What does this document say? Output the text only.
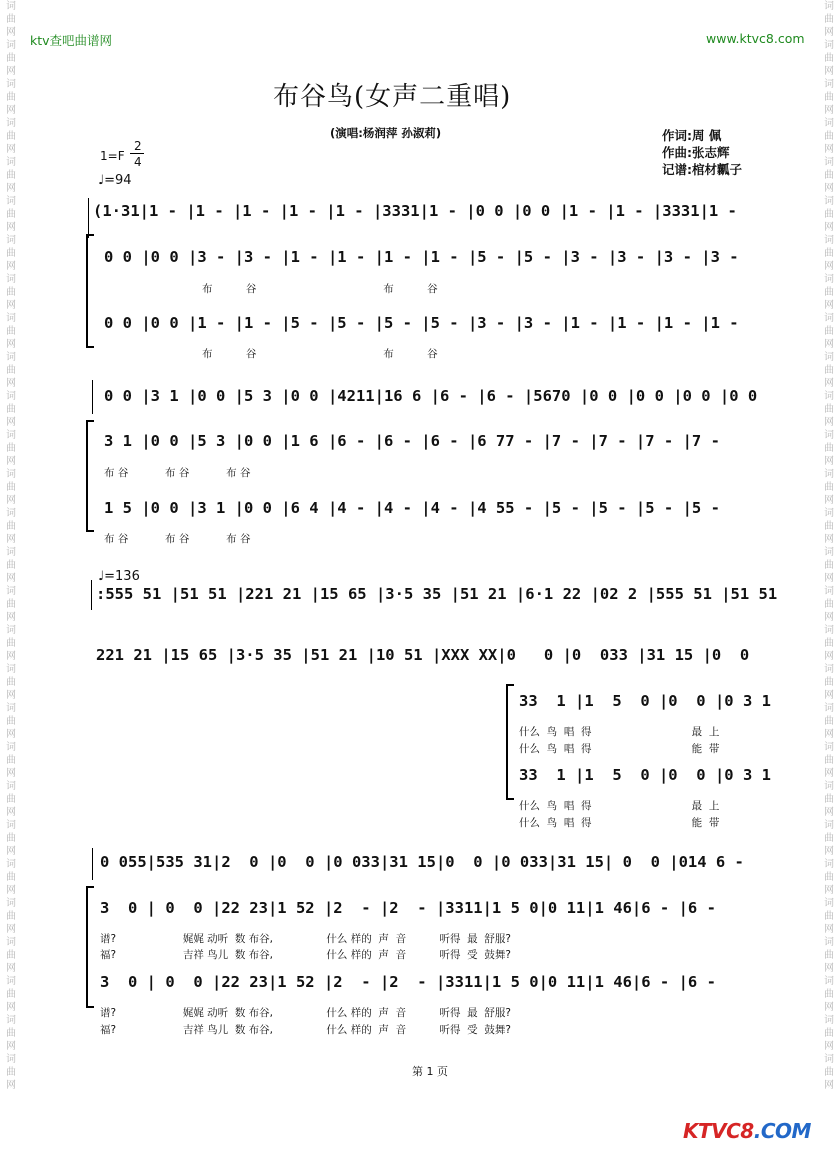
词曲网词曲网词曲网词曲网词曲网词曲网词曲网词曲网词曲网词曲网词曲网词曲网词曲网词曲网词曲网词曲网词曲网词曲网词曲网词曲网词曲网词曲网词曲网词曲网词曲网词曲网词曲网词曲网
词曲网词曲网词曲网词曲网词曲网词曲网词曲网词曲网词曲网词曲网词曲网词曲网词曲网词曲网词曲网词曲网词曲网词曲网词曲网词曲网词曲网词曲网词曲网词曲网词曲网词曲网词曲网词曲网
ktv查吧曲谱网	www.ktvc8.com
布谷鸟(女声二重唱)
(演唱:杨润萍 孙淑莉)	作词:周 佩
作曲:张志辉
记谱:棺材瓤子
1=F
2
4
♩=94
(1·31|1 - |1 - |1 - |1 - |1 - |3331|1 - |0 0 |0 0 |1 - |1 - |3331|1 -
0 0 |0 0 |3 - |3 - |1 - |1 - |1 - |1 - |5 - |5 - |3 - |3 - |3 - |3 -
布          谷                                      布          谷
0 0 |0 0 |1 - |1 - |5 - |5 - |5 - |5 - |3 - |3 - |1 - |1 - |1 - |1 -
布          谷                                      布          谷
0 0 |3 1 |0 0 |5 3 |0 0 |4211|16 6 |6 - |6 - |5670 |0 0 |0 0 |0 0 |0 0
3 1 |0 0 |5 3 |0 0 |1 6 |6 - |6 - |6 - |6 77 - |7 - |7 - |7 - |7 -
布 谷           布 谷           布 谷
1 5 |0 0 |3 1 |0 0 |6 4 |4 - |4 - |4 - |4 55 - |5 - |5 - |5 - |5 -
布 谷           布 谷           布 谷
♩=136
:555 51 |51 51 |221 21 |15 65 |3·5 35 |51 21 |6·1 22 |02 2 |555 51 |51 51
221 21 |15 65 |3·5 35 |51 21 |10 51 |XXX XX|0   0 |0  033 |31 15 |0  0
33  1 |1  5  0 |0  0 |0 3 1
什么  鸟  唱  得                              最  上
什么  鸟  唱  得                              能  带
33  1 |1  5  0 |0  0 |0 3 1
什么  鸟  唱  得                              最  上
什么  鸟  唱  得                              能  带
0 055|535 31|2  0 |0  0 |0 033|31 15|0  0 |0 033|31 15| 0  0 |014 6 -
3  0 | 0  0 |22 23|1 52 |2  - |2  - |3311|1 5 0|0 11|1 46|6 - |6 -
谱?                    娓娓 动听  数 布谷,                什么 样的  声  音          听得  最  舒服?
福?                    吉祥 鸟儿  数 布谷,                什么 样的  声  音          听得  受  鼓舞?
3  0 | 0  0 |22 23|1 52 |2  - |2  - |3311|1 5 0|0 11|1 46|6 - |6 -
谱?                    娓娓 动听  数 布谷,                什么 样的  声  音          听得  最  舒服?
福?                    吉祥 鸟儿  数 布谷,                什么 样的  声  音          听得  受  鼓舞?
第 1 页
KTVC8.COM
